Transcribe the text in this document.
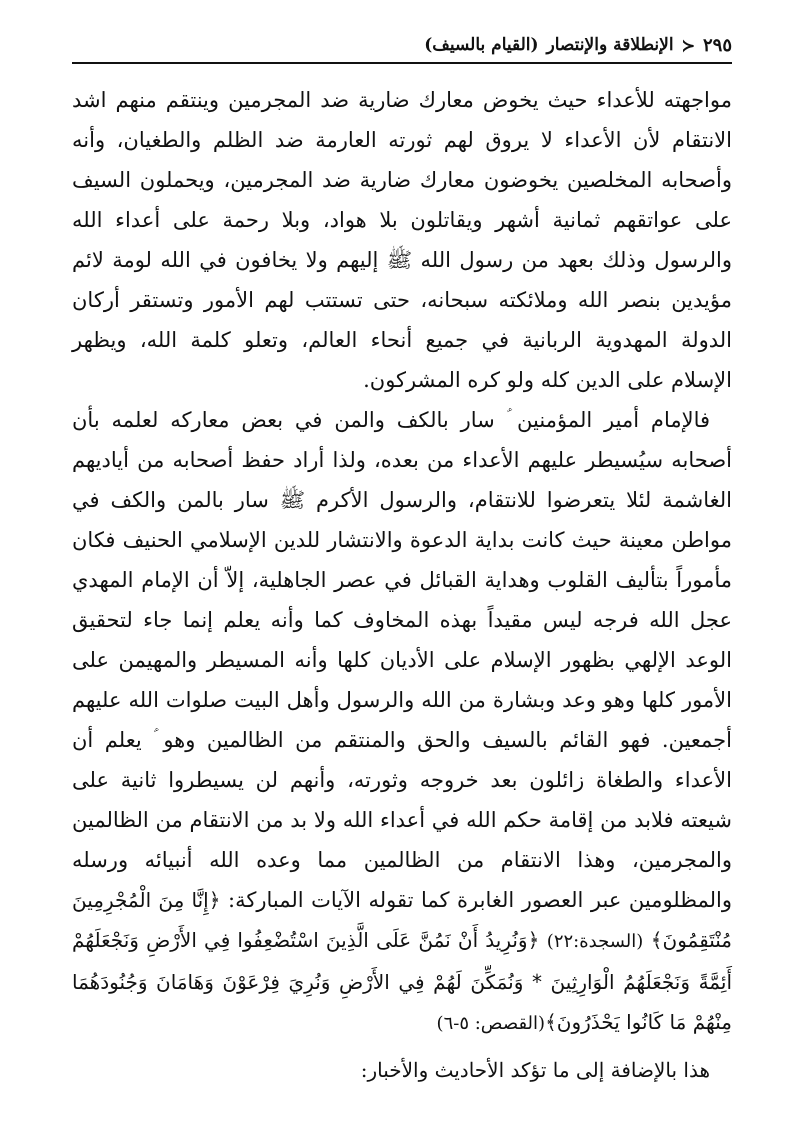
٢٩٥
≺
الإنطلاقة والإنتصار
(القيام بالسيف)

مواجهته للأعداء حيث يخوض معارك ضارية ضد المجرمين وينتقم منهم اشد الانتقام لأن الأعداء لا يروق لهم ثورته العارمة ضد الظلم والطغيان، وأنه وأصحابه المخلصين يخوضون معارك ضارية ضد المجرمين، ويحملون السيف على عواتقهم ثمانية أشهر ويقاتلون بلا هواد، وبلا رحمة على أعداء الله والرسول وذلك بعهد من رسول الله ﷺ إليهم ولا يخافون في الله لومة لائم مؤيدين بنصر الله وملائكته سبحانه، حتى تستتب لهم الأمور وتستقر أركان الدولة المهدوية الربانية في جميع أنحاء العالم، وتعلو كلمة الله، ويظهر الإسلام على الدين كله ولو كره المشركون.

فالإمام أمير المؤمنين ؑ سار بالكف والمن في بعض معاركه لعلمه بأن أصحابه سيُسيطر عليهم الأعداء من بعده، ولذا أراد حفظ أصحابه من أياديهم الغاشمة لئلا يتعرضوا للانتقام، والرسول الأكرم ﷺ سار بالمن والكف في مواطن معينة حيث كانت بداية الدعوة والانتشار للدين الإسلامي الحنيف فكان مأموراً بتأليف القلوب وهداية القبائل في عصر الجاهلية، إلاّ أن الإمام المهدي عجل الله فرجه ليس مقيداً بهذه المخاوف كما وأنه يعلم إنما جاء لتحقيق الوعد الإلهي بظهور الإسلام على الأديان كلها وأنه المسيطر والمهيمن على الأمور كلها وهو وعد وبشارة من الله والرسول وأهل البيت صلوات الله عليهم أجمعين. فهو القائم بالسيف والحق والمنتقم من الظالمين وهو ؑ يعلم أن الأعداء والطغاة زائلون بعد خروجه وثورته، وأنهم لن يسيطروا ثانية على شيعته فلابد من إقامة حكم الله في أعداء الله ولا بد من الانتقام من الظالمين والمجرمين، وهذا الانتقام من الظالمين مما وعده الله أنبيائه ورسله والمظلومين عبر العصور الغابرة كما تقوله الآيات المباركة: ﴿إِنَّا مِنَ الْمُجْرِمِينَ مُنْتَقِمُونَ﴾ (السجدة:٢٢) ﴿وَنُرِيدُ أَنْ نَمُنَّ عَلَى الَّذِينَ اسْتُضْعِفُوا فِي الأَرْضِ وَنَجْعَلَهُمْ أَئِمَّةً وَنَجْعَلَهُمُ الْوَارِثِينَ * وَنُمَكِّنَ لَهُمْ فِي الأَرْضِ وَنُرِيَ فِرْعَوْنَ وَهَامَانَ وَجُنُودَهُمَا مِنْهُمْ مَا كَانُوا يَحْذَرُونَ﴾(القصص: ٥-٦)

هذا بالإضافة إلى ما تؤكد الأحاديث والأخبار:
